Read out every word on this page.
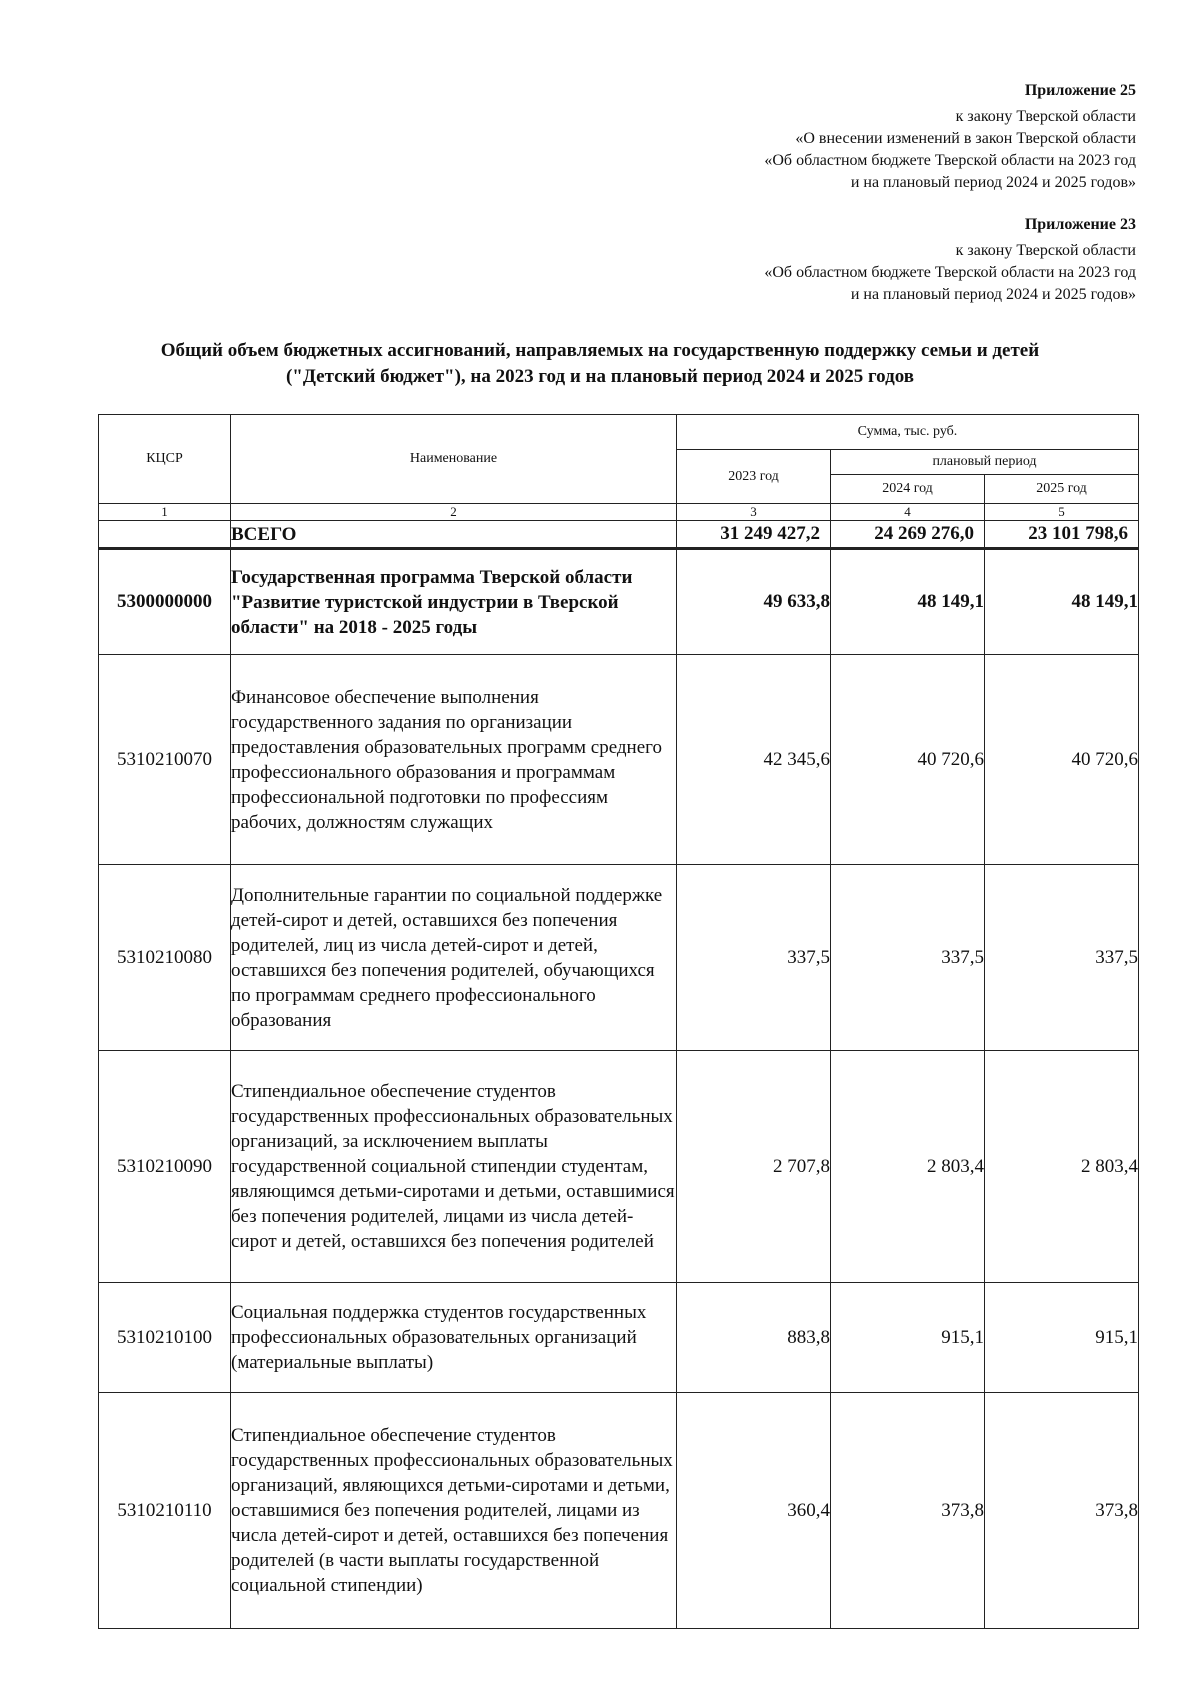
Приложение 25
к закону Тверской области
«О внесении изменений в закон Тверской области
«Об областном бюджете Тверской области на 2023 год
и на плановый период 2024 и 2025 годов»
Приложение 23
к закону Тверской области
«Об областном бюджете Тверской области на 2023 год
и на плановый период 2024 и 2025 годов»
Общий объем бюджетных ассигнований, направляемых на государственную поддержку семьи и детей
("Детский бюджет"), на 2023 год и на плановый период 2024 и 2025 годов
КЦСР	Наименование	Сумма, тыс. руб.		
		2023 год	плановый период	
			2024 год	2025 год
1	2	3	4	5
	ВСЕГО	31 249 427,2	24 269 276,0	23 101 798,6
5300000000	Государственная программа Тверской области "Развитие туристской индустрии в Тверской области" на 2018 - 2025 годы	49 633,8	48 149,1	48 149,1
5310210070	Финансовое обеспечение выполнения государственного задания по организации предоставления образовательных программ среднего профессионального образования и программам профессиональной подготовки по профессиям рабочих, должностям служащих	42 345,6	40 720,6	40 720,6
5310210080	Дополнительные гарантии по социальной поддержке детей-сирот и детей, оставшихся без попечения родителей, лиц из числа детей-сирот и детей, оставшихся без попечения родителей, обучающихся по программам среднего профессионального образования	337,5	337,5	337,5
5310210090	Стипендиальное обеспечение студентов государственных профессиональных образовательных организаций, за исключением выплаты государственной социальной стипендии студентам, являющимся детьми-сиротами и детьми, оставшимися без попечения родителей, лицами из числа детей-сирот и детей, оставшихся без попечения родителей	2 707,8	2 803,4	2 803,4
5310210100	Социальная поддержка студентов государственных профессиональных образовательных организаций (материальные выплаты)	883,8	915,1	915,1
5310210110	Стипендиальное обеспечение студентов государственных профессиональных образовательных организаций, являющихся детьми-сиротами и детьми, оставшимися без попечения родителей, лицами из числа детей-сирот и детей, оставшихся без попечения родителей (в части выплаты государственной социальной стипендии)	360,4	373,8	373,8
